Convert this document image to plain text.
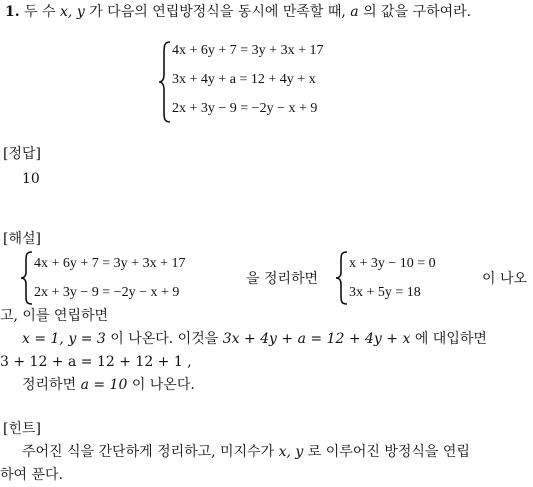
1. 두 수 x, y 가 다음의 연립방정식을 동시에 만족할 때, a 의 값을 구하여라.
4x + 6y + 7 = 3y + 3x + 17
3x + 4y + a = 12 + 4y + x
2x + 3y − 9 = −2y − x + 9
[정답]
10
[해설]
4x + 6y + 7 = 3y + 3x + 17
2x + 3y − 9 = −2y − x + 9
을 정리하면
x + 3y − 10 = 0
3x + 5y = 18
이 나오
고, 이를 연립하면
x = 1, y = 3 이 나온다. 이것을 3x + 4y + a = 12 + 4y + x 에 대입하면
3 + 12 + a = 12 + 12 + 1 ,
정리하면 a = 10 이 나온다.
[힌트]
주어진 식을 간단하게 정리하고, 미지수가 x, y 로 이루어진 방정식을 연립
하여 푼다.
